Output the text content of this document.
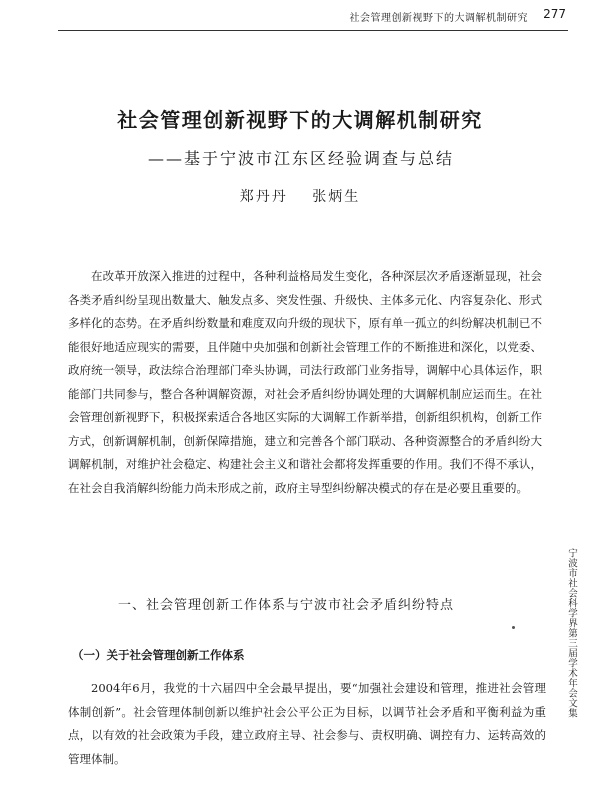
社会管理创新视野下的大调解机制研究 277
社会管理创新视野下的大调解机制研究
——基于宁波市江东区经验调查与总结
郑丹丹 张炳生

在改革开放深入推进的过程中，各种利益格局发生变化，各种深层次矛盾逐渐显现，社会各类矛盾纠纷呈现出数量大、触发点多、突发性强、升级快、主体多元化、内容复杂化、形式多样化的态势。在矛盾纠纷数量和难度双向升级的现状下，原有单一孤立的纠纷解决机制已不能很好地适应现实的需要，且伴随中央加强和创新社会管理工作的不断推进和深化，以党委、政府统一领导，政法综合治理部门牵头协调，司法行政部门业务指导，调解中心具体运作，职能部门共同参与，整合各种调解资源，对社会矛盾纠纷协调处理的大调解机制应运而生。在社会管理创新视野下，积极探索适合各地区实际的大调解工作新举措，创新组织机构，创新工作方式，创新调解机制，创新保障措施，建立和完善各个部门联动、各种资源整合的矛盾纠纷大调解机制，对维护社会稳定、构建社会主义和谐社会都将发挥重要的作用。我们不得不承认，在社会自我消解纠纷能力尚未形成之前，政府主导型纠纷解决模式的存在是必要且重要的。

一、社会管理创新工作体系与宁波市社会矛盾纠纷特点
（一）关于社会管理创新工作体系

2004年6月，我党的十六届四中全会最早提出，要“加强社会建设和管理，推进社会管理体制创新”。社会管理体制创新以维护社会公平公正为目标，以调节社会矛盾和平衡利益为重点，以有效的社会政策为手段，建立政府主导、社会参与、责权明确、调控有力、运转高效的管理体制。

宁波市社会科学界第三届学术年会文集
